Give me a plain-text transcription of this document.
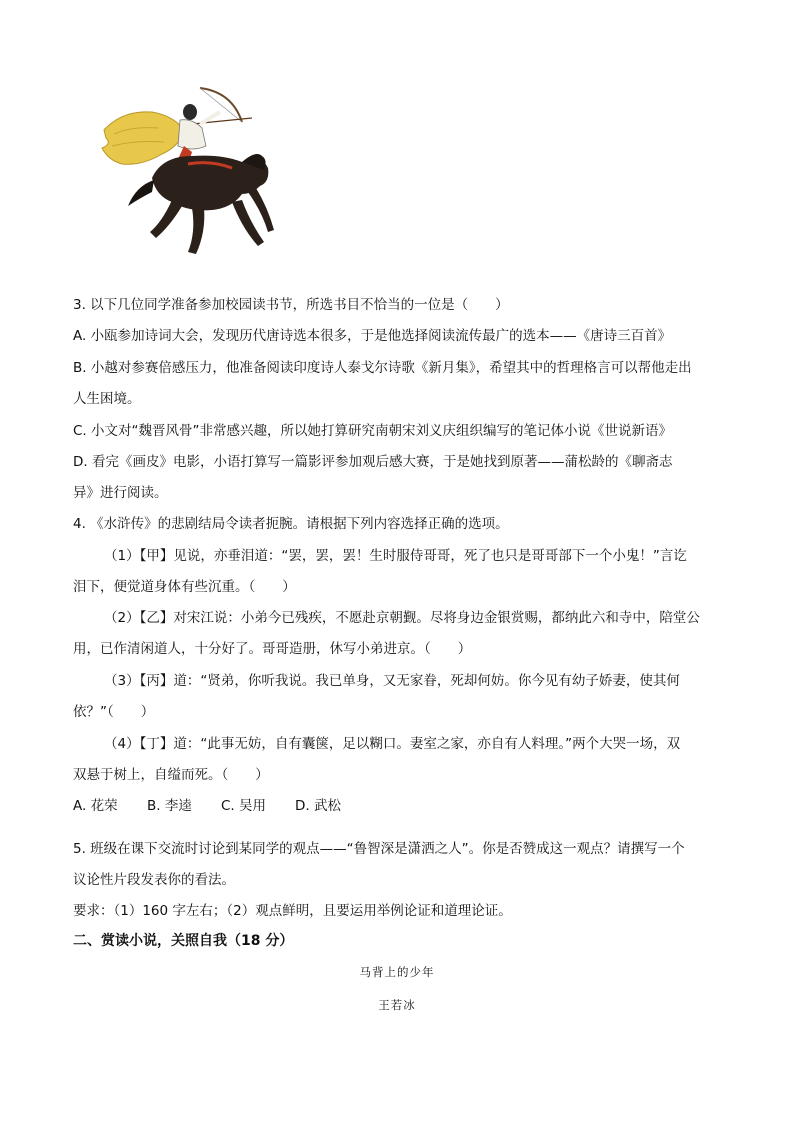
3. 以下几位同学准备参加校园读书节，所选书目不恰当的一位是（　　）
A. 小瓯参加诗词大会，发现历代唐诗选本很多，于是他选择阅读流传最广的选本——《唐诗三百首》
B. 小越对参赛倍感压力，他准备阅读印度诗人泰戈尔诗歌《新月集》，希望其中的哲理格言可以帮他走出
人生困境。
C. 小文对“魏晋风骨”非常感兴趣，所以她打算研究南朝宋刘义庆组织编写的笔记体小说《世说新语》
D. 看完《画皮》电影，小语打算写一篇影评参加观后感大赛，于是她找到原著——蒲松龄的《聊斋志
异》进行阅读。
4. 《水浒传》的悲剧结局令读者扼腕。请根据下列内容选择正确的选项。
（1）【甲】见说，亦垂泪道：“罢，罢，罢！生时服侍哥哥，死了也只是哥哥部下一个小鬼！”言讫
泪下，便觉道身体有些沉重。（　　）
（2）【乙】对宋江说：小弟今已残疾，不愿赴京朝觐。尽将身边金银赏赐，都纳此六和寺中，陪堂公
用，已作清闲道人，十分好了。哥哥造册，休写小弟进京。（　　）
（3）【丙】道：“贤弟，你听我说。我已单身，又无家眷，死却何妨。你今见有幼子娇妻，使其何
依？”（　　）
（4）【丁】道：“此事无妨，自有囊箧，足以糊口。妻室之家，亦自有人料理。”两个大哭一场，双
双悬于树上，自缢而死。（　　）
A. 花荣 B. 李逵 C. 吴用 D. 武松
5. 班级在课下交流时讨论到某同学的观点——“鲁智深是潇洒之人”。你是否赞成这一观点？请撰写一个
议论性片段发表你的看法。
要求：（1）160 字左右；（2）观点鲜明，且要运用举例论证和道理论证。
二、赏读小说，关照自我（18 分）
马背上的少年
王若冰
